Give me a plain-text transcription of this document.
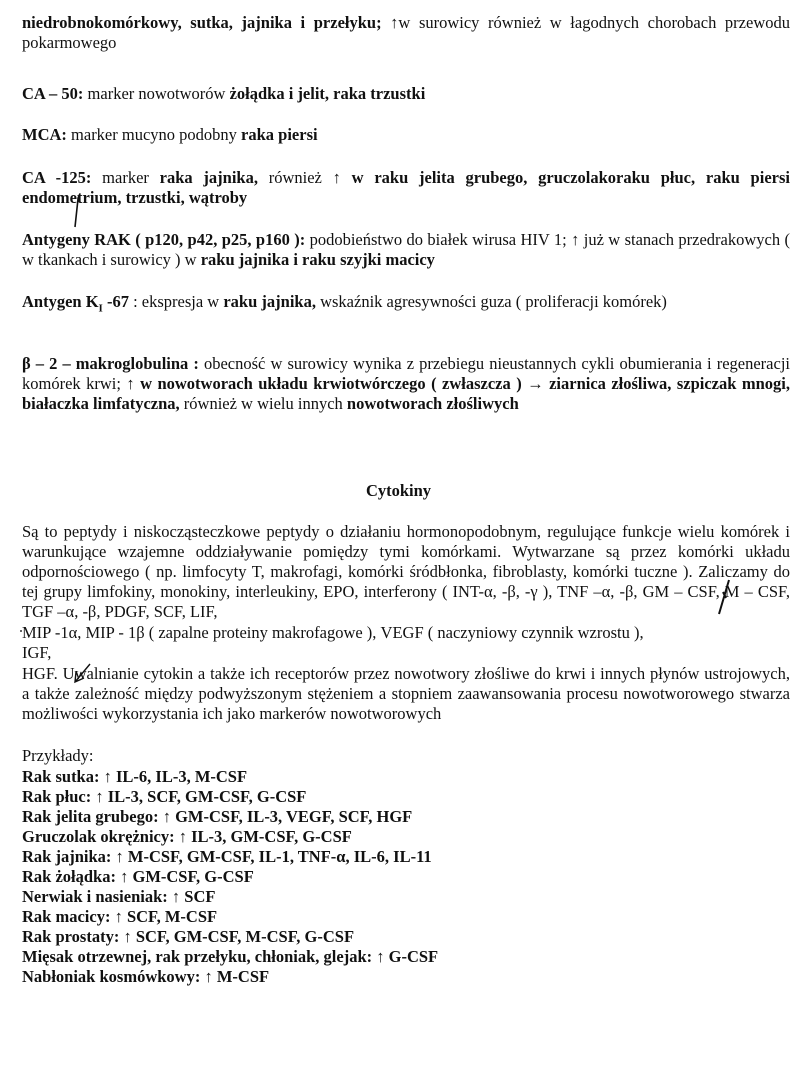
niedrobnokomórkowy, sutka, jajnika i przełyku; ↑w surowicy również w łagodnych chorobach przewodu pokarmowego
CA – 50: marker nowotworów żołądka i jelit, raka trzustki
MCA: marker mucyno podobny raka piersi
CA -125: marker raka jajnika, również ↑ w raku jelita grubego, gruczolakoraku płuc, raku piersi endometrium, trzustki, wątroby
Antygeny RAK ( p120, p42, p25, p160 ): podobieństwo do białek wirusa HIV 1; ↑ już w stanach przedrakowych ( w tkankach i surowicy ) w raku jajnika i raku szyjki macicy
Antygen $K_I$ -67 : ekspresja w raku jajnika, wskaźnik agresywności guza ( proliferacji komórek)
β – 2 – makroglobulina : obecność w surowicy wynika z przebiegu nieustannych cykli obumierania i regeneracji komórek krwi; ↑ w nowotworach układu krwiotwórczego ( zwłaszcza ) → ziarnica złośliwa, szpiczak mnogi, białaczka limfatyczna, również w wielu innych nowotworach złośliwych
Cytokiny
Są to peptydy i niskocząsteczkowe peptydy o działaniu hormonopodobnym, regulujące funkcje wielu komórek i warunkujące wzajemne oddziaływanie pomiędzy tymi komórkami. Wytwarzane są przez komórki układu odpornościowego ( np. limfocyty T, makrofagi, komórki śródbłonka, fibroblasty, komórki tuczne ). Zaliczamy do tej grupy limfokiny, monokiny, interleukiny, EPO, interferony ( INT-α, -β, -γ ), TNF –α, -β, GM – CSF, M – CSF, TGF –α, -β, PDGF, SCF, LIF,
MIP -1α, MIP - 1β ( zapalne proteiny makrofagowe ), VEGF ( naczyniowy czynnik wzrostu ),
IGF,
HGF. Uwalnianie cytokin a także ich receptorów przez nowotwory złośliwe do krwi i innych płynów ustrojowych, a także zależność między podwyższonym stężeniem a stopniem zaawansowania procesu nowotworowego stwarza możliwości wykorzystania ich jako markerów nowotworowych
Przykłady:
Rak sutka: ↑ IL-6, IL-3, M-CSF
Rak płuc: ↑ IL-3, SCF, GM-CSF, G-CSF
Rak jelita grubego: ↑ GM-CSF, IL-3, VEGF, SCF, HGF
Gruczolak okrężnicy: ↑ IL-3, GM-CSF, G-CSF
Rak jajnika: ↑ M-CSF, GM-CSF, IL-1, TNF-α, IL-6, IL-11
Rak żołądka: ↑ GM-CSF, G-CSF
Nerwiak i nasieniak: ↑ SCF
Rak macicy: ↑ SCF, M-CSF
Rak prostaty: ↑ SCF, GM-CSF, M-CSF, G-CSF
Mięsak otrzewnej, rak przełyku, chłoniak, glejak: ↑ G-CSF
Nabłoniak kosmówkowy: ↑ M-CSF
